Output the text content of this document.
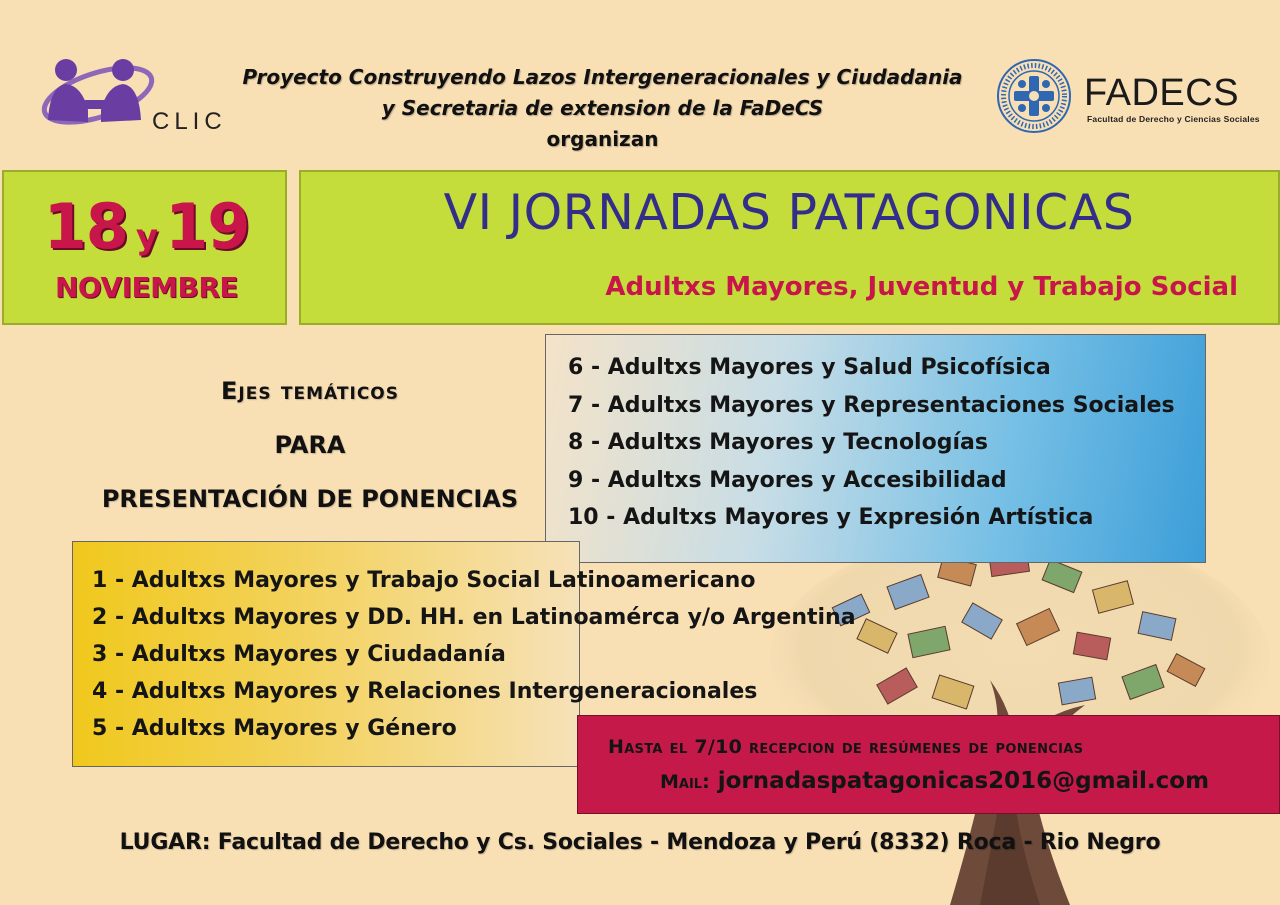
CLIC
Proyecto Construyendo Lazos Intergeneracionales y Ciudadania
y Secretaria de extension de la FaDeCS
organizan
FADECS
Facultad de Derecho y Ciencias Sociales
18 y 19
NOVIEMBRE
VI JORNADAS PATAGONICAS
Adultxs Mayores, Juventud y Trabajo Social
Ejes temáticos
PARA
PRESENTACIÓN DE PONENCIAS
6 - Adultxs Mayores y Salud Psicofísica
7 - Adultxs Mayores y Representaciones Sociales
8 - Adultxs Mayores y Tecnologías
9 - Adultxs Mayores y Accesibilidad
10 - Adultxs Mayores y Expresión Artística
1 - Adultxs Mayores y Trabajo Social Latinoamericano
2 - Adultxs Mayores y DD. HH. en Latinoamérca y/o Argentina
3 - Adultxs Mayores y Ciudadanía
4 - Adultxs Mayores y Relaciones Intergeneracionales
5 - Adultxs Mayores y Género
Hasta el 7/10 recepcion de resúmenes de ponencias
Mail: jornadaspatagonicas2016@gmail.com
LUGAR: Facultad de Derecho y Cs. Sociales - Mendoza y Perú (8332) Roca - Rio Negro
